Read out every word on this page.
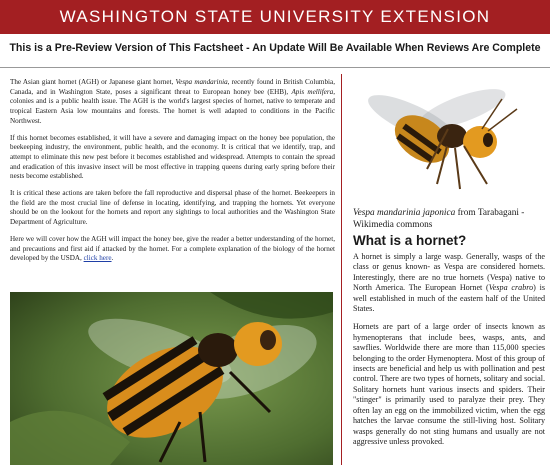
WASHINGTON STATE UNIVERSITY EXTENSION
This is a Pre-Review Version of This Factsheet - An Update Will Be Available When Reviews Are Complete

The Asian giant hornet (AGH) or Japanese giant hornet, Vespa mandarinia, recently found in British Columbia, Canada, and in Washington State, poses a significant threat to European honey bee (EHB), Apis mellifera, colonies and is a public health issue. The AGH is the world's largest species of hornet, native to temperate and tropical Eastern Asia low mountains and forests. The hornet is well adapted to conditions in the Pacific Northwest.

If this hornet becomes established, it will have a severe and damaging impact on the honey bee population, the beekeeping industry, the environment, public health, and the economy. It is critical that we identify, trap, and attempt to eliminate this new pest before it becomes established and widespread. Attempts to contain the spread and eradication of this invasive insect will be most effective in trapping queens during early spring before their nests become established.

It is critical these actions are taken before the fall reproductive and dispersal phase of the hornet. Beekeepers in the field are the most crucial line of defense in locating, identifying, and trapping the hornets. Yet everyone should be on the lookout for the hornets and report any sightings to local authorities and the Washington State Department of Agriculture.

Here we will cover how the AGH will impact the honey bee, give the reader a better understanding of the hornet, and precautions and first aid if attacked by the hornet. For a complete explanation of the biology of the hornet developed by the USDA, click here.

Vespa mandarinia japonica from Tarabagani - Wikimedia commons
What is a hornet?

A hornet is simply a large wasp. Generally, wasps of the class or genus known- as Vespa are considered hornets. Interestingly, there are no true hornets (Vespa) native to North America. The European Hornet (Vespa crabro) is well established in much of the eastern half of the United States.

Hornets are part of a large order of insects known as hymenopterans that include bees, wasps, ants, and sawflies. Worldwide there are more than 115,000 species belonging to the order Hymenoptera. Most of this group of insects are beneficial and help us with pollination and pest control. There are two types of hornets, solitary and social. Solitary hornets hunt various insects and spiders. Their "stinger" is primarily used to paralyze their prey. They often lay an egg on the immobilized victim, when the egg hatches the larvae consume the still-living host. Solitary wasps generally do not sting humans and usually are not aggressive unless provoked.
